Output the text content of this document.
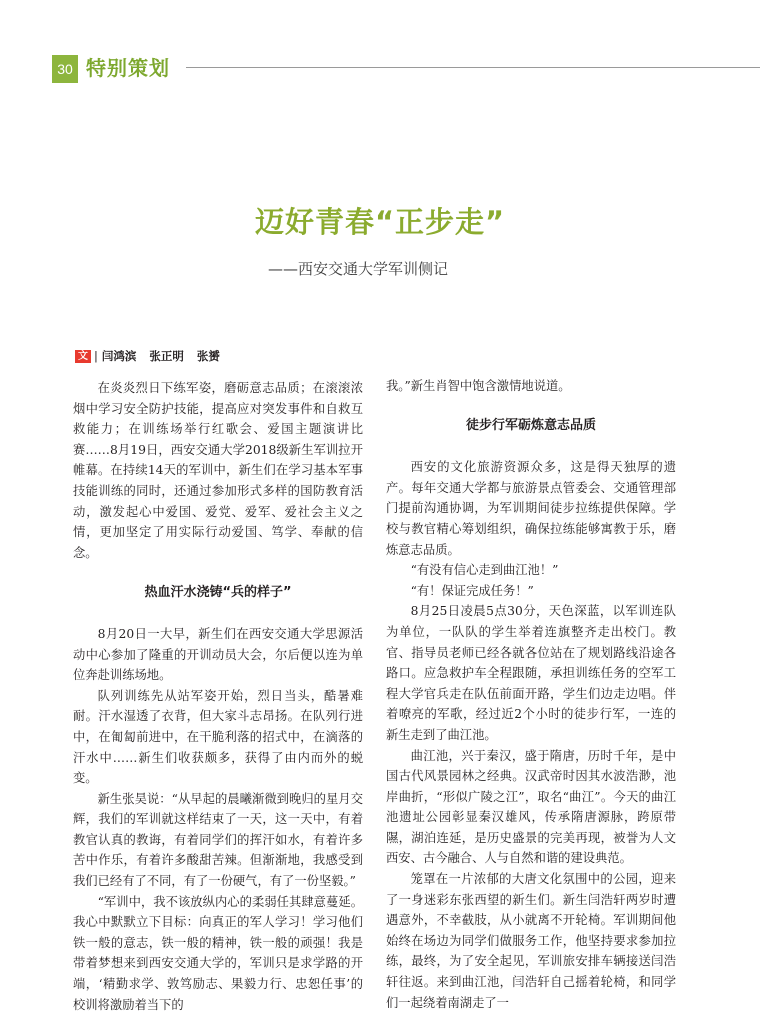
30 特别策划
迈好青春“正步走”
——西安交通大学军训侧记
文 | 闫鸿滨 张正明 张赟

在炎炎烈日下练军姿，磨砺意志品质；在滚滚浓烟中学习安全防护技能，提高应对突发事件和自救互救能力；在训练场举行红歌会、爱国主题演讲比赛……8月19日，西安交通大学2018级新生军训拉开帷幕。在持续14天的军训中，新生们在学习基本军事技能训练的同时，还通过参加形式多样的国防教育活动，激发起心中爱国、爱党、爱军、爱社会主义之情，更加坚定了用实际行动爱国、笃学、奉献的信念。

热血汗水浇铸“兵的样子”

8月20日一大早，新生们在西安交通大学思源活动中心参加了隆重的开训动员大会，尔后便以连为单位奔赴训练场地。

队列训练先从站军姿开始，烈日当头，酷暑难耐。汗水湿透了衣背，但大家斗志昂扬。在队列行进中，在匍匐前进中，在干脆利落的招式中，在滴落的汗水中……新生们收获颇多，获得了由内而外的蜕变。

新生张昊说：“从早起的晨曦渐微到晚归的星月交辉，我们的军训就这样结束了一天，这一天中，有着教官认真的教诲，有着同学们的挥汗如水，有着许多苦中作乐，有着许多酸甜苦辣。但渐渐地，我感受到我们已经有了不同，有了一份硬气，有了一份坚毅。”

“军训中，我不该放纵内心的柔弱任其肆意蔓延。我心中默默立下目标：向真正的军人学习！学习他们铁一般的意志，铁一般的精神，铁一般的顽强！我是带着梦想来到西安交通大学的，军训只是求学路的开端，‘精勤求学、敦笃励志、果毅力行、忠恕任事’的校训将激励着当下的

我。”新生肖智中饱含激情地说道。

徒步行军砺炼意志品质

西安的文化旅游资源众多，这是得天独厚的遗产。每年交通大学都与旅游景点管委会、交通管理部门提前沟通协调，为军训期间徒步拉练提供保障。学校与教官精心筹划组织，确保拉练能够寓教于乐，磨炼意志品质。

“有没有信心走到曲江池！”

“有！保证完成任务！”

8月25日凌晨5点30分，天色深蓝，以军训连队为单位，一队队的学生举着连旗整齐走出校门。教官、指导员老师已经各就各位站在了规划路线沿途各路口。应急救护车全程跟随，承担训练任务的空军工程大学官兵走在队伍前面开路，学生们边走边唱。伴着嘹亮的军歌，经过近2个小时的徒步行军，一连的新生走到了曲江池。

曲江池，兴于秦汉，盛于隋唐，历时千年，是中国古代风景园林之经典。汉武帝时因其水波浩渺，池岸曲折，“形似广陵之江”，取名“曲江”。今天的曲江池遗址公园彰显秦汉雄风，传承隋唐源脉，跨原带隰，湖泊连延，是历史盛景的完美再现，被誉为人文西安、古今融合、人与自然和谐的建设典范。

笼罩在一片浓郁的大唐文化氛围中的公园，迎来了一身迷彩东张西望的新生们。新生闫浩轩两岁时遭遇意外，不幸截肢，从小就离不开轮椅。军训期间他始终在场边为同学们做服务工作，他坚持要求参加拉练，最终，为了安全起见，军训旅安排车辆接送闫浩轩往返。来到曲江池，闫浩轩自己摇着轮椅，和同学们一起绕着南湖走了一
